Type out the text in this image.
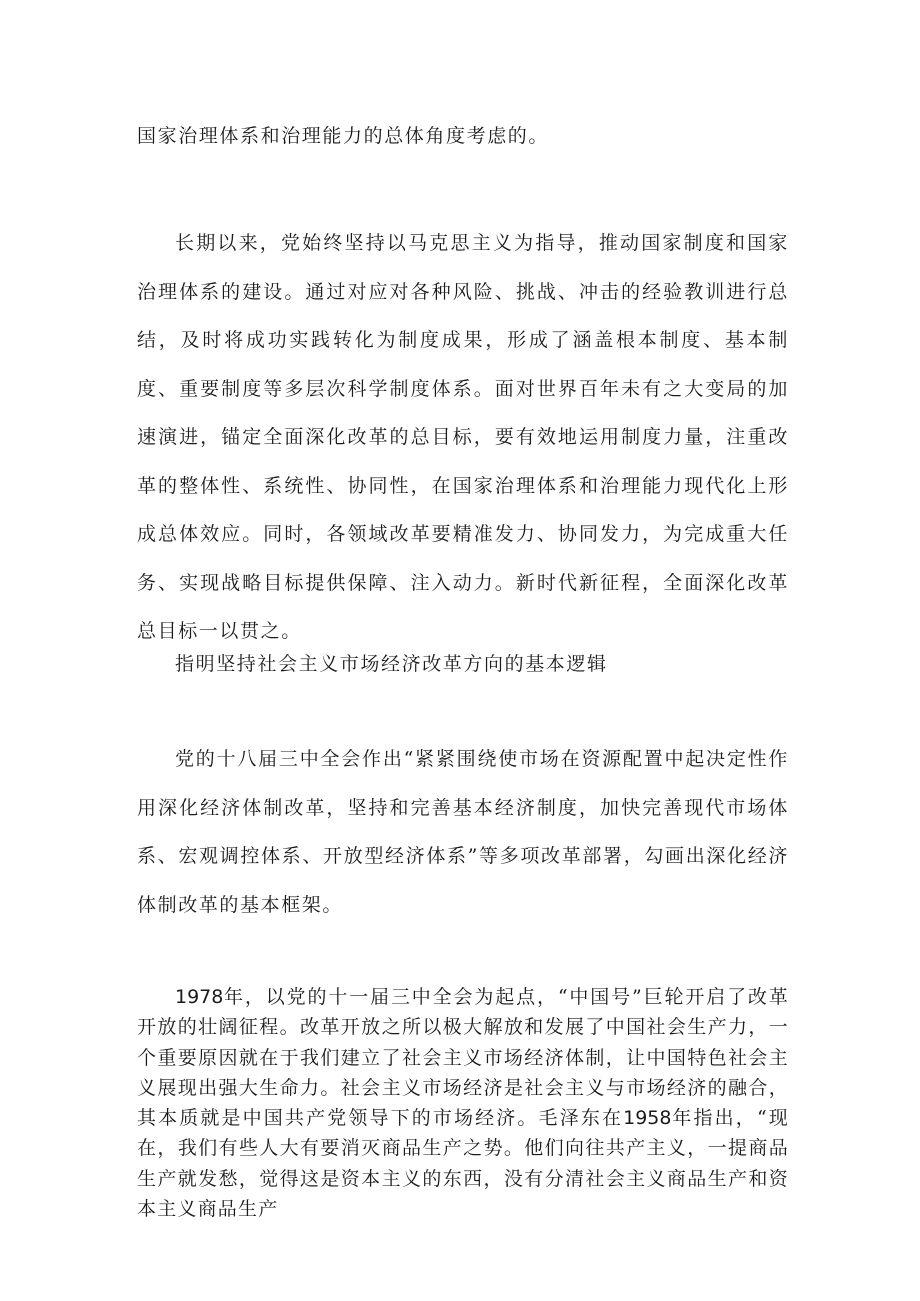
国家治理体系和治理能力的总体角度考虑的。

长期以来，党始终坚持以马克思主义为指导，推动国家制度和国家治理体系的建设。通过对应对各种风险、挑战、冲击的经验教训进行总结，及时将成功实践转化为制度成果，形成了涵盖根本制度、基本制度、重要制度等多层次科学制度体系。面对世界百年未有之大变局的加速演进，锚定全面深化改革的总目标，要有效地运用制度力量，注重改革的整体性、系统性、协同性，在国家治理体系和治理能力现代化上形成总体效应。同时，各领域改革要精准发力、协同发力，为完成重大任务、实现战略目标提供保障、注入动力。新时代新征程，全面深化改革总目标一以贯之。

指明坚持社会主义市场经济改革方向的基本逻辑

党的十八届三中全会作出“紧紧围绕使市场在资源配置中起决定性作用深化经济体制改革，坚持和完善基本经济制度，加快完善现代市场体系、宏观调控体系、开放型经济体系”等多项改革部署，勾画出深化经济体制改革的基本框架。

1978年，以党的十一届三中全会为起点，“中国号”巨轮开启了改革开放的壮阔征程。改革开放之所以极大解放和发展了中国社会生产力，一个重要原因就在于我们建立了社会主义市场经济体制，让中国特色社会主义展现出强大生命力。社会主义市场经济是社会主义与市场经济的融合，其本质就是中国共产党领导下的市场经济。毛泽东在1958年指出，“现在，我们有些人大有要消灭商品生产之势。他们向往共产主义，一提商品生产就发愁，觉得这是资本主义的东西，没有分清社会主义商品生产和资本主义商品生产
